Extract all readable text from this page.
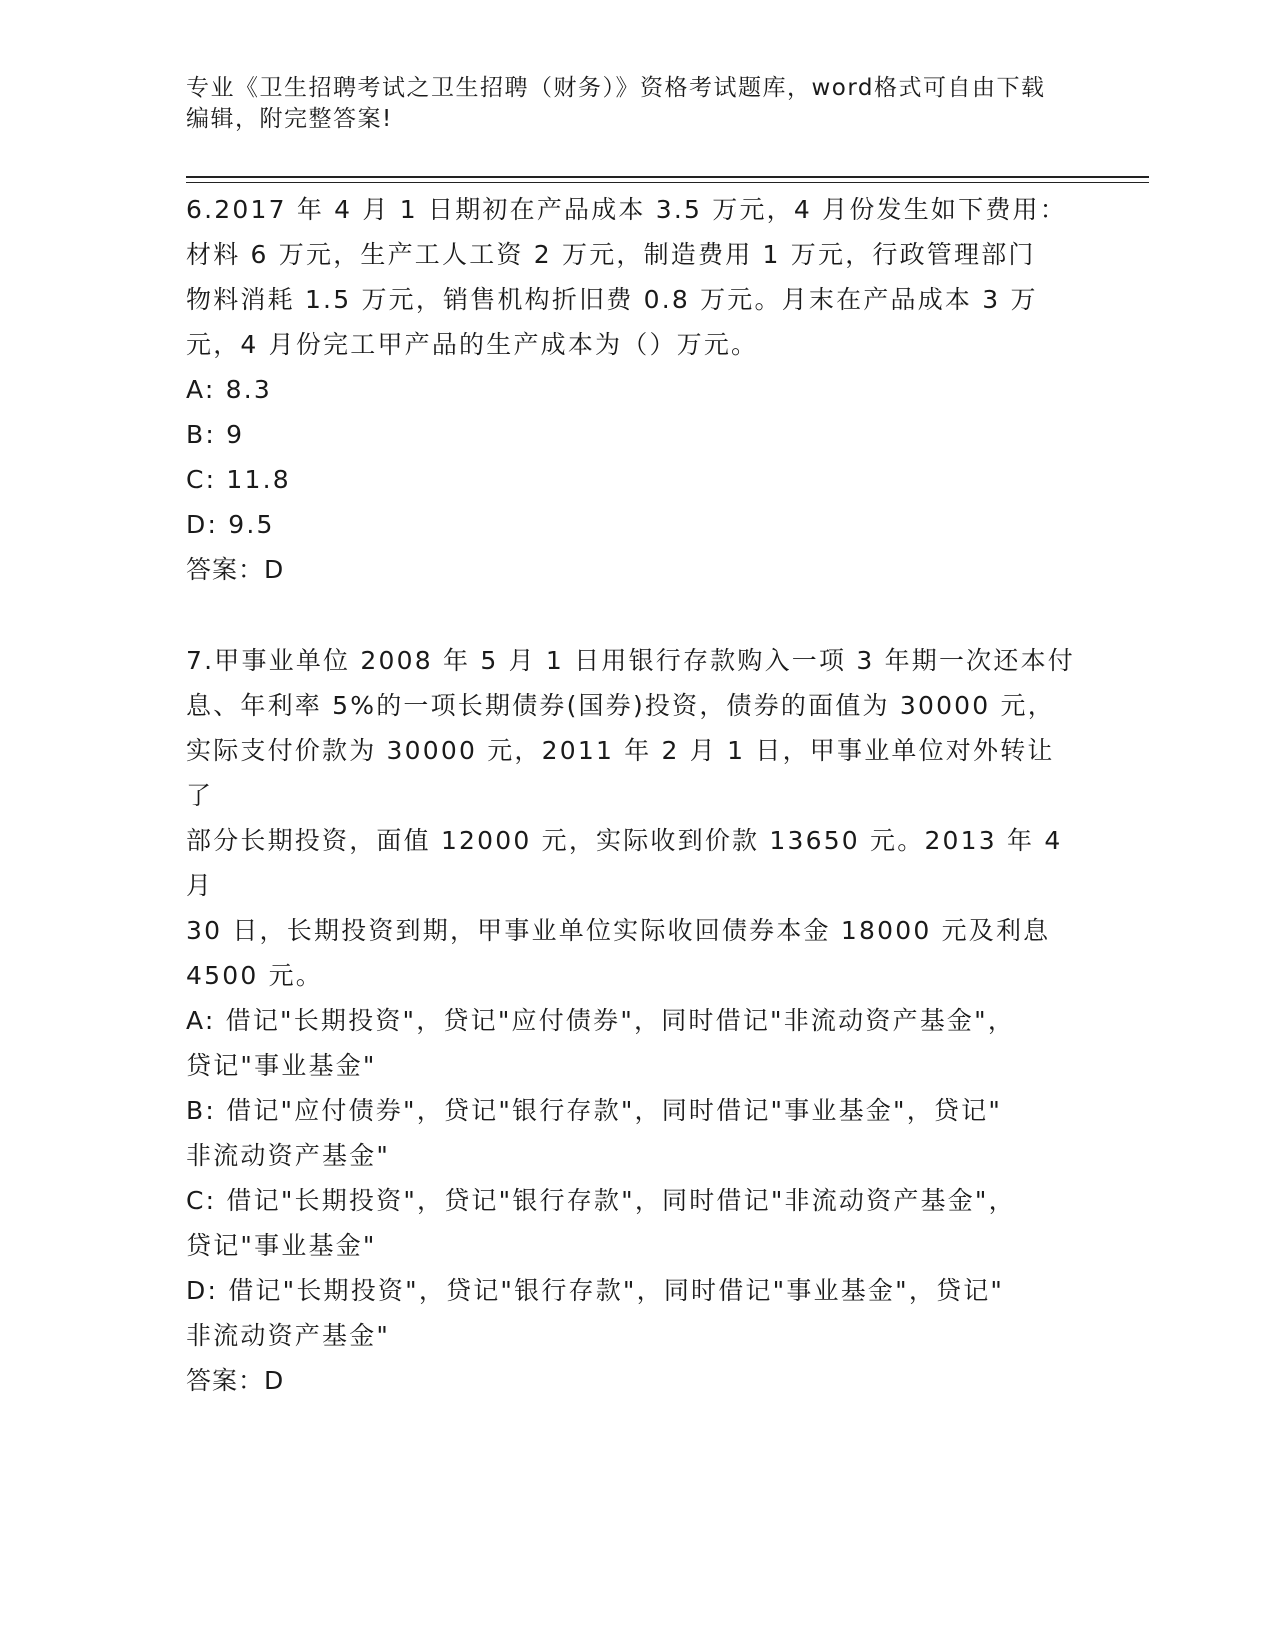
专业《卫生招聘考试之卫生招聘（财务）》资格考试题库，word格式可自由下载
编辑，附完整答案!
6.2017 年 4 月 1 日期初在产品成本 3.5 万元，4 月份发生如下费用：
材料 6 万元，生产工人工资 2 万元，制造费用 1 万元，行政管理部门
物料消耗 1.5 万元，销售机构折旧费 0.8 万元。月末在产品成本 3 万
元，4 月份完工甲产品的生产成本为（）万元。
A: 8.3
B: 9
C: 11.8
D: 9.5
答案：D
7.甲事业单位 2008 年 5 月 1 日用银行存款购入一项 3 年期一次还本付
息、年利率 5%的一项长期债券(国券)投资，债券的面值为 30000 元，
实际支付价款为 30000 元，2011 年 2 月 1 日，甲事业单位对外转让了
部分长期投资，面值 12000 元，实际收到价款 13650 元。2013 年 4 月
30 日，长期投资到期，甲事业单位实际收回债券本金 18000 元及利息
4500 元。
A: 借记"长期投资"，贷记"应付债券"，同时借记"非流动资产基金"，
贷记"事业基金"
B: 借记"应付债券"，贷记"银行存款"，同时借记"事业基金"，贷记"
非流动资产基金"
C: 借记"长期投资"，贷记"银行存款"，同时借记"非流动资产基金"，
贷记"事业基金"
D: 借记"长期投资"，贷记"银行存款"，同时借记"事业基金"，贷记"
非流动资产基金"
答案：D
